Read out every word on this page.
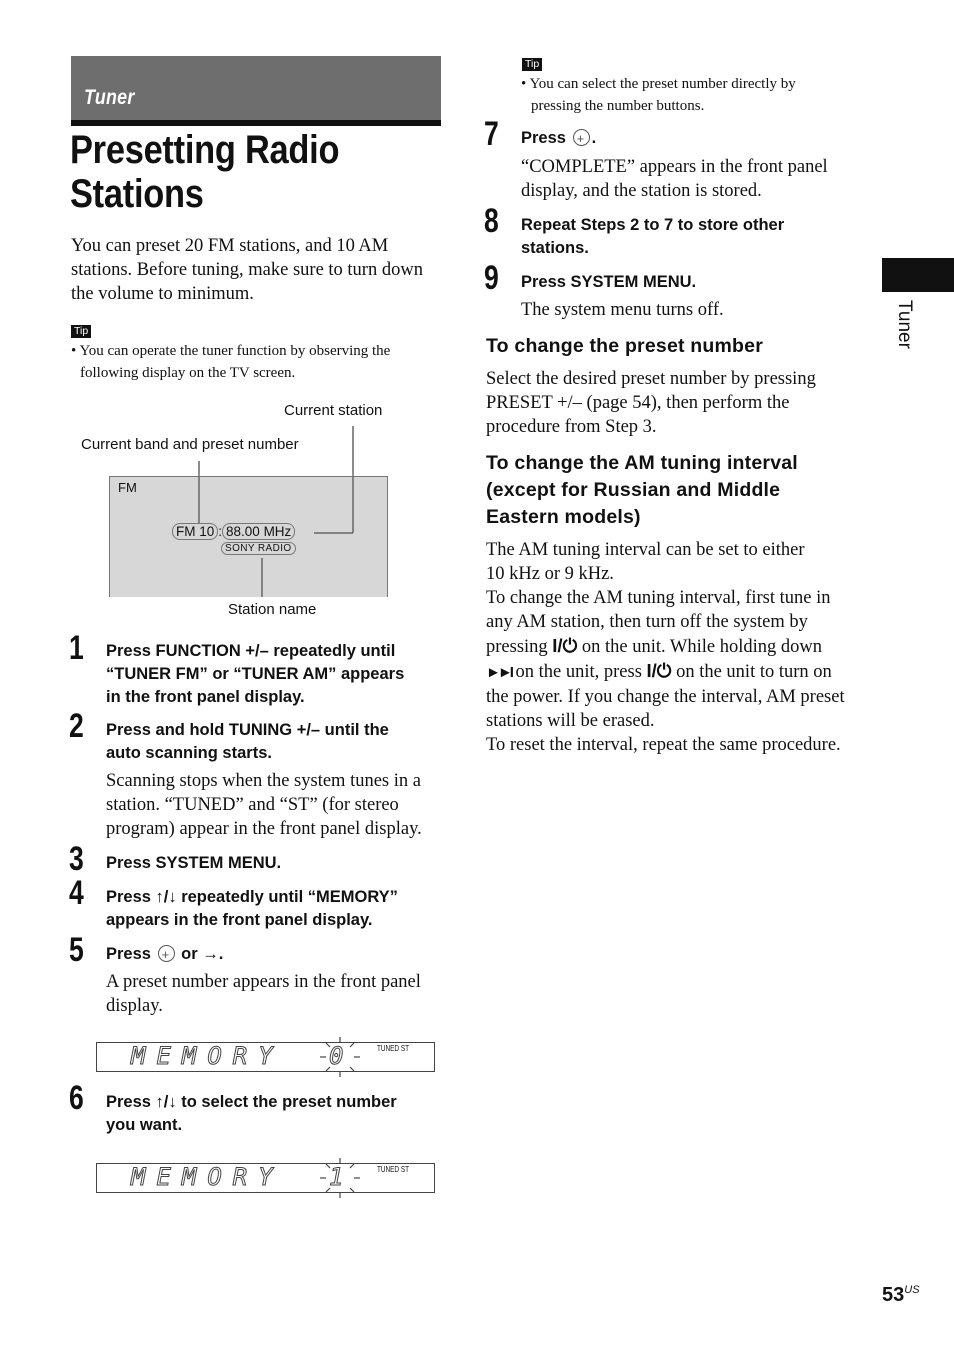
Tuner
Presetting Radio
Stations
You can preset 20 FM stations, and 10 AM
stations. Before tuning, make sure to turn down
the volume to minimum.
Tip
• You can operate the tuner function by observing the
following display on the TV screen.
Current station
Current band and preset number
FM
FM 10 : 88.00 MHz
SONY RADIO
Station name
1 Press FUNCTION +/– repeatedly until
“TUNER FM” or “TUNER AM” appears
in the front panel display.
2 Press and hold TUNING +/– until the
auto scanning starts.
Scanning stops when the system tunes in a
station. “TUNED” and “ST” (for stereo
program) appear in the front panel display.
3 Press SYSTEM MENU.
4 Press ↑/↓ repeatedly until “MEMORY”
appears in the front panel display.
5 Press + or →.
A preset number appears in the front panel
display.
MEMORY 0	TUNED ST
6 Press ↑/↓ to select the preset number
you want.
MEMORY 1	TUNED ST
Tip
• You can select the preset number directly by
pressing the number buttons.
7 Press + .
“COMPLETE” appears in the front panel
display, and the station is stored.
8 Repeat Steps 2 to 7 to store other
stations.
9 Press SYSTEM MENU.
The system menu turns off.
To change the preset number
Select the desired preset number by pressing
PRESET +/– (page 54), then perform the
procedure from Step 3.
To change the AM tuning interval
(except for Russian and Middle
Eastern models)
The AM tuning interval can be set to either
10 kHz or 9 kHz.
To change the AM tuning interval, first tune in
any AM station, then turn off the system by
pressing I/⏻ on the unit. While holding down
►►I on the unit, press I/⏻ on the unit to turn on
the power. If you change the interval, AM preset
stations will be erased.
To reset the interval, repeat the same procedure.
Tuner
$53^{US}$
